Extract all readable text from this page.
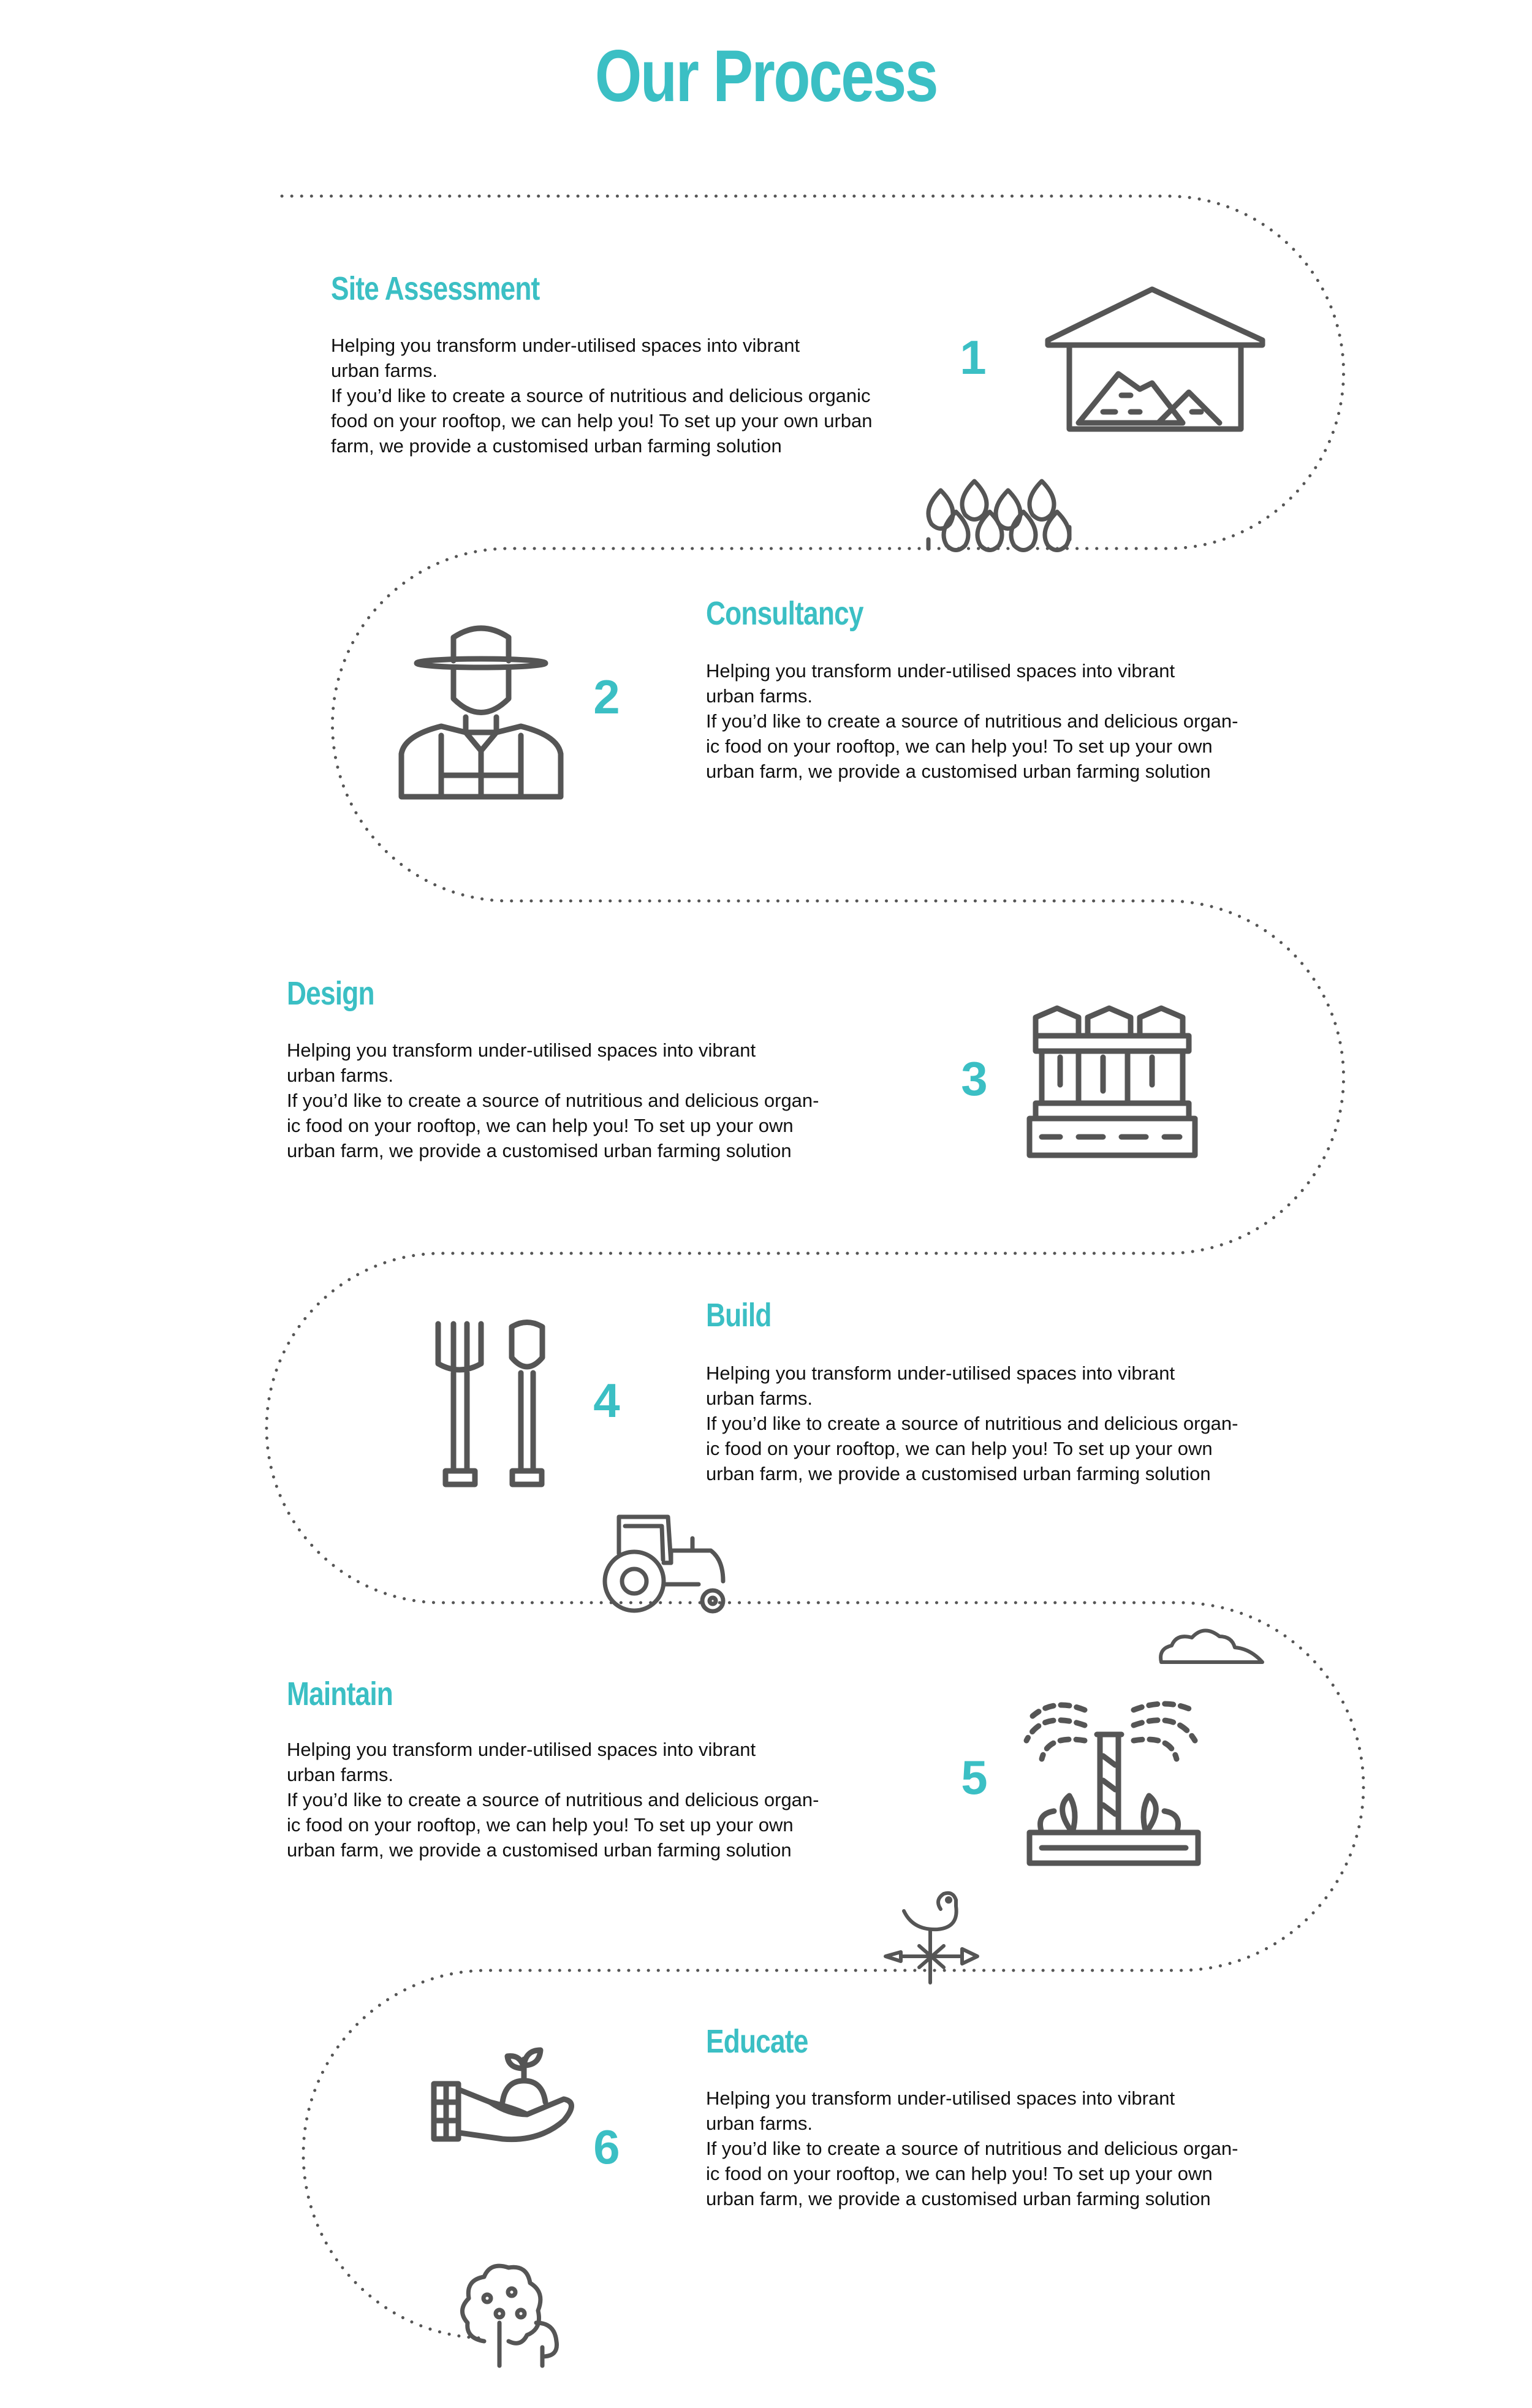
Our Process
Site Assessment

Helping you transform under-utilised spaces into vibrant

urban farms.

If you’d like to create a source of nutritious and delicious organic

food on your rooftop, we can help you! To set up your own urban

farm, we provide a customised urban farming solution

1
Consultancy

Helping you transform under-utilised spaces into vibrant

urban farms.

If you’d like to create a source of nutritious and delicious organ-

ic food on your rooftop, we can help you! To set up your own

urban farm, we provide a customised urban farming solution

2
Design

Helping you transform under-utilised spaces into vibrant

urban farms.

If you’d like to create a source of nutritious and delicious organ-

ic food on your rooftop, we can help you! To set up your own

urban farm, we provide a customised urban farming solution

3
Build

Helping you transform under-utilised spaces into vibrant

urban farms.

If you’d like to create a source of nutritious and delicious organ-

ic food on your rooftop, we can help you! To set up your own

urban farm, we provide a customised urban farming solution

4
Maintain

Helping you transform under-utilised spaces into vibrant

urban farms.

If you’d like to create a source of nutritious and delicious organ-

ic food on your rooftop, we can help you! To set up your own

urban farm, we provide a customised urban farming solution

5
Educate

Helping you transform under-utilised spaces into vibrant

urban farms.

If you’d like to create a source of nutritious and delicious organ-

ic food on your rooftop, we can help you! To set up your own

urban farm, we provide a customised urban farming solution

6
